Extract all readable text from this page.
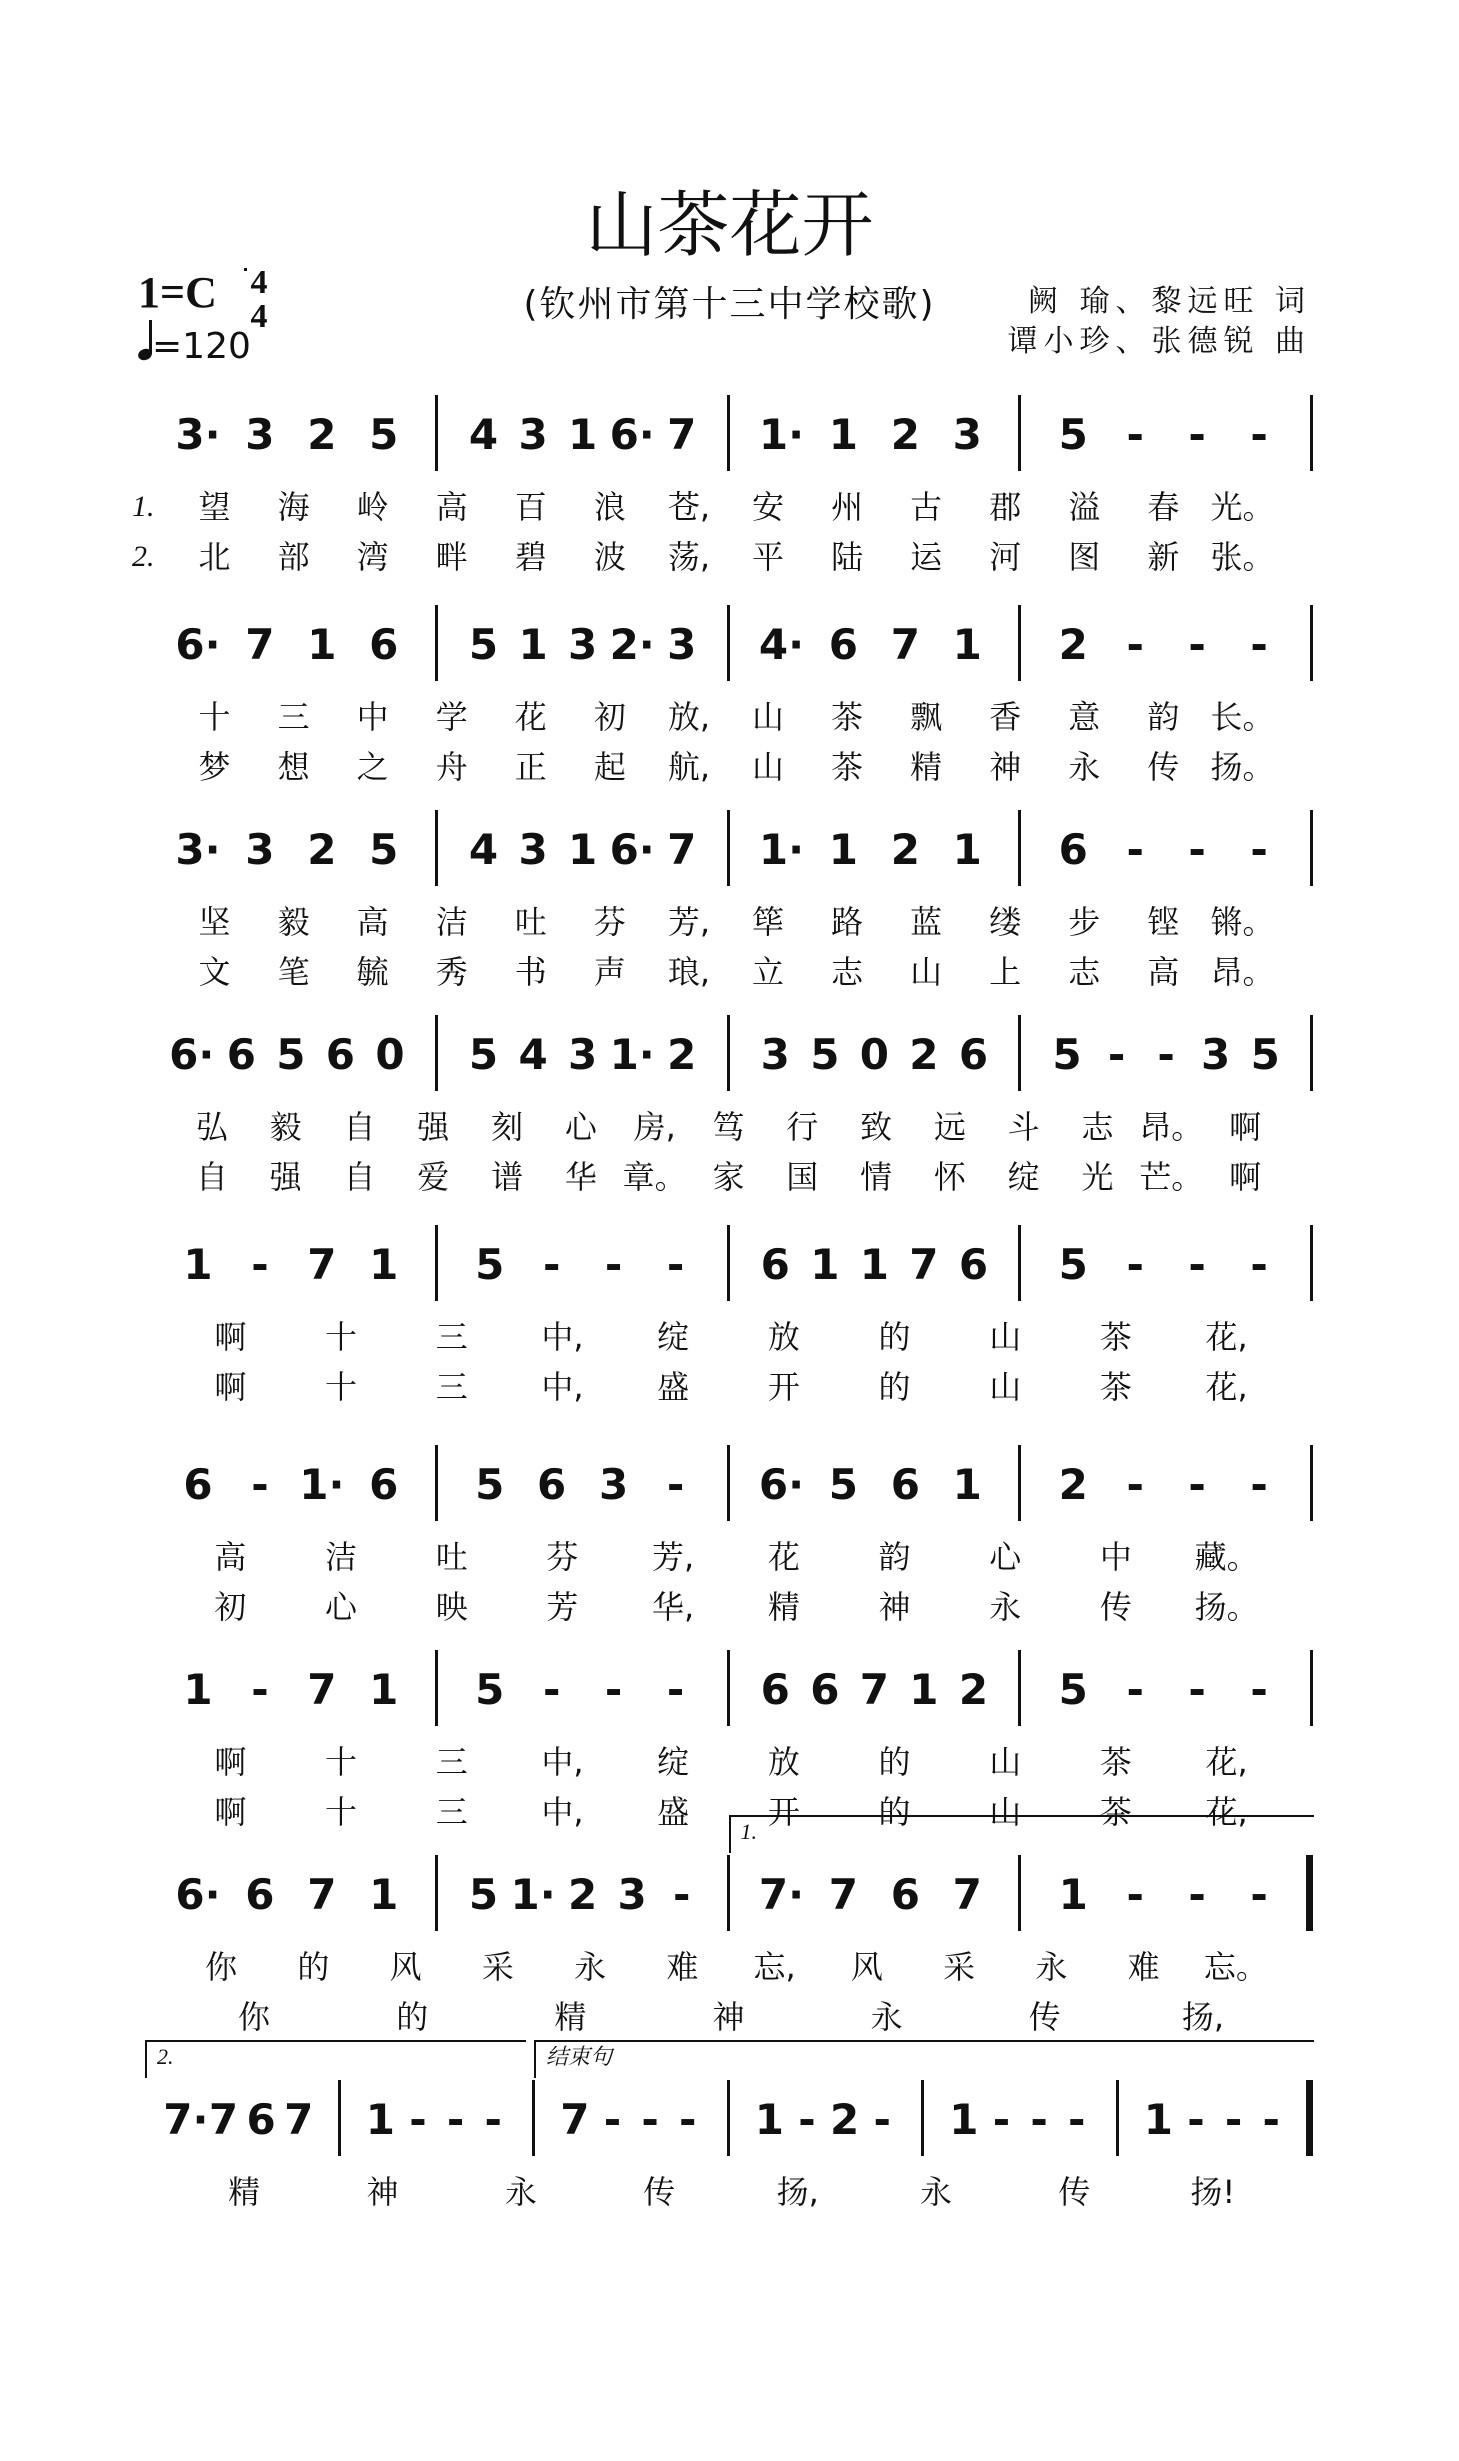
山茶花开
(钦州市第十三中学校歌)
1=C 4
4
=120
阙 瑜、黎远旺 词
谭小珍、张德锐 曲
3· 3 2 5 4 3 1 6· 7 1· 1 2 3 5 - - -
1. 望 海 岭 高 百 浪 苍, 安 州 古 郡 溢 春 光。
2. 北 部 湾 畔 碧 波 荡, 平 陆 运 河 图 新 张。
6· 7 1 6 5 1 3 2· 3 4· 6 7 1 2 - - -
十 三 中 学 花 初 放, 山 茶 飘 香 意 韵 长。
梦 想 之 舟 正 起 航, 山 茶 精 神 永 传 扬。
3· 3 2 5 4 3 1 6· 7 1· 1 2 1 6 - - -
坚 毅 高 洁 吐 芬 芳, 筚 路 蓝 缕 步 铿 锵。
文 笔 毓 秀 书 声 琅, 立 志 山 上 志 高 昂。
6· 6 5 6 0 5 4 3 1· 2 3 5 0 2 6 5 - - 3 5
弘 毅 自 强 刻 心 房, 笃 行 致 远 斗 志 昂。 啊
自 强 自 爱 谱 华 章。 家 国 情 怀 绽 光 芒。 啊
1 - 7 1 5 - - - 6 1 1 7 6 5 - - -
啊 十 三 中, 绽 放 的 山 茶 花,
啊 十 三 中, 盛 开 的 山 茶 花,
6 - 1· 6 5 6 3 - 6· 5 6 1 2 - - -
高 洁 吐 芬 芳, 花 韵 心 中 藏。
初 心 映 芳 华, 精 神 永 传 扬。
1 - 7 1 5 - - - 6 6 7 1 2 5 - - -
啊 十 三 中, 绽 放 的 山 茶 花,
啊 十 三 中, 盛 开 的 山 茶 花,
6· 6 7 1 5 1· 2 3 - 7· 7 6 7 1 - - -
1.
你 的 风 采 永 难 忘, 风 采 永 难 忘。
你	的	精	神	永	传	扬,
7· 7 6 7 1 - - - 7 - - - 1 - 2 - 1 - - - 1 - - -
2.	结束句
精	神	永	传	扬,	永	传	扬!
